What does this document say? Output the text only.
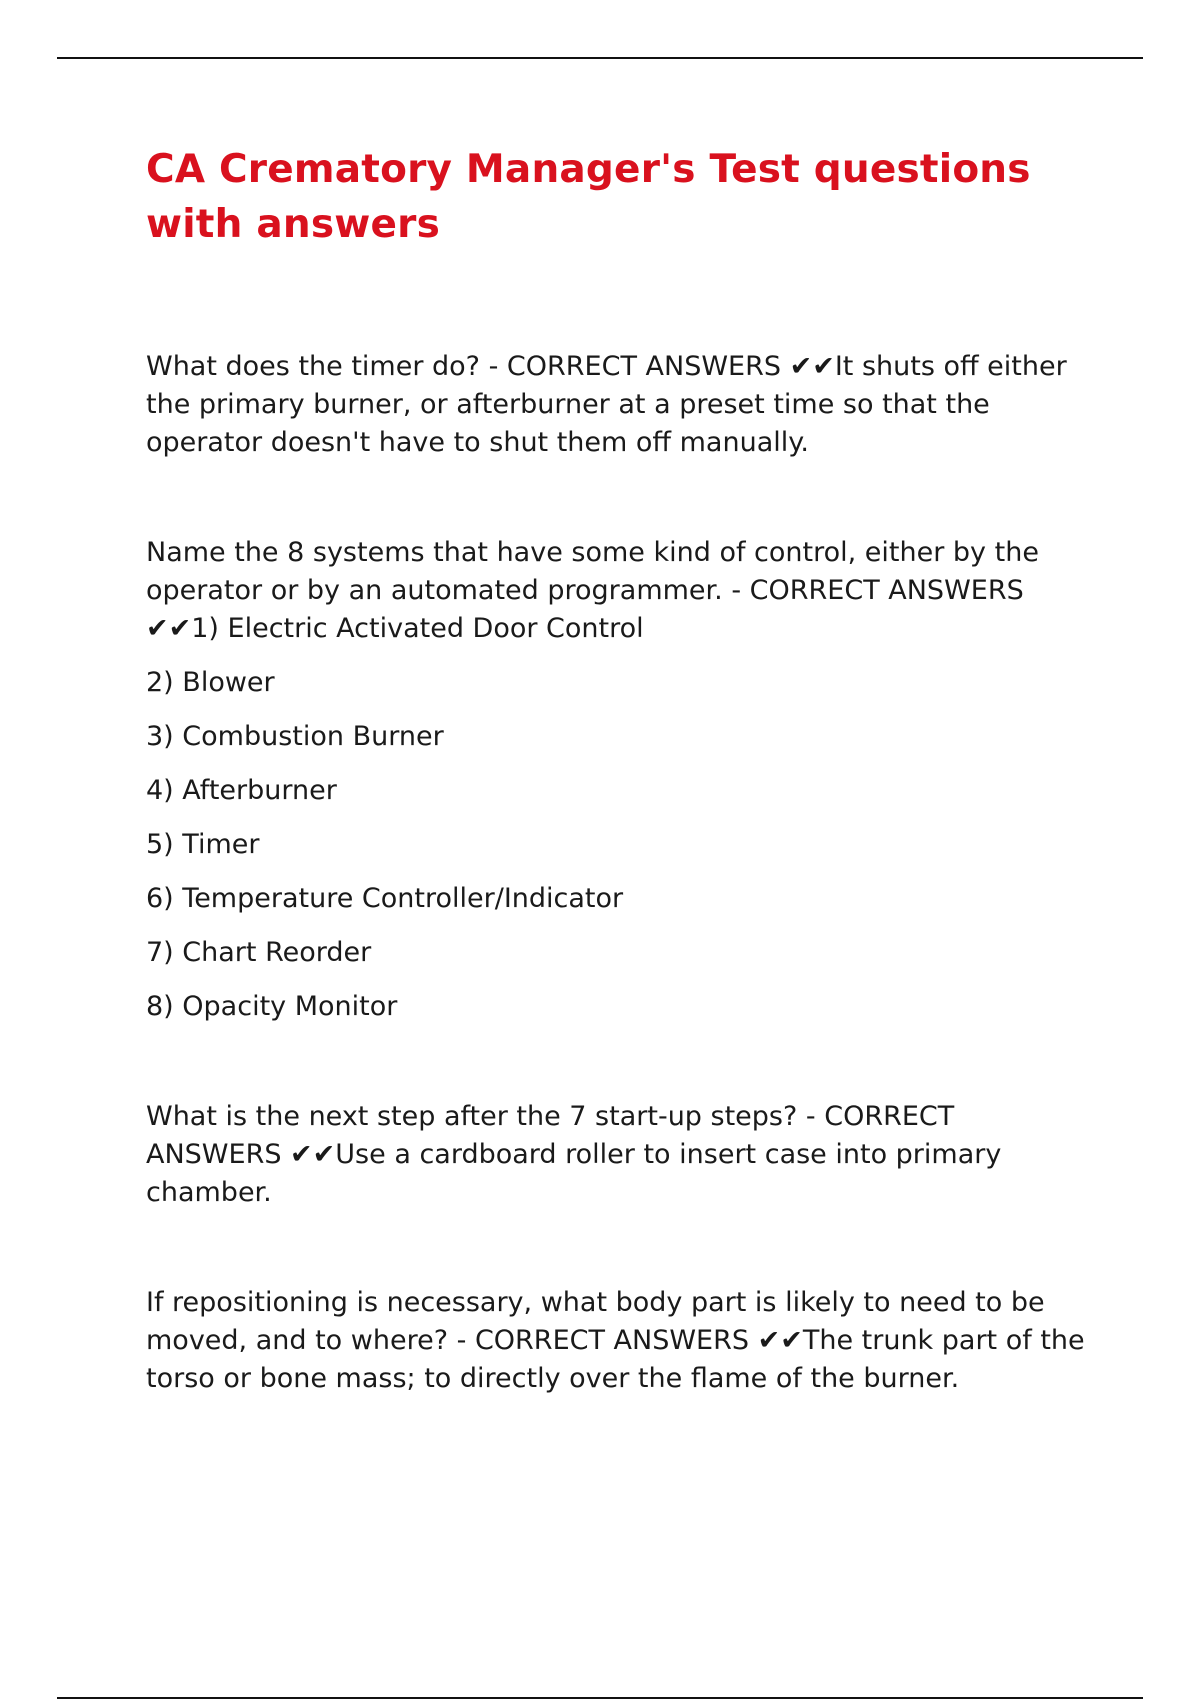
CA Crematory Manager's Test questions with answers

What does the timer do? - CORRECT ANSWERS ✔✔It shuts off either the primary burner, or afterburner at a preset time so that the operator doesn't have to shut them off manually.

Name the 8 systems that have some kind of control, either by the operator or by an automated programmer. - CORRECT ANSWERS ✔✔1) Electric Activated Door Control

2) Blower

3) Combustion Burner

4) Afterburner

5) Timer

6) Temperature Controller/Indicator

7) Chart Reorder

8) Opacity Monitor

What is the next step after the 7 start-up steps? - CORRECT ANSWERS ✔✔Use a cardboard roller to insert case into primary chamber.

If repositioning is necessary, what body part is likely to need to be moved, and to where? - CORRECT ANSWERS ✔✔The trunk part of the torso or bone mass; to directly over the flame of the burner.
